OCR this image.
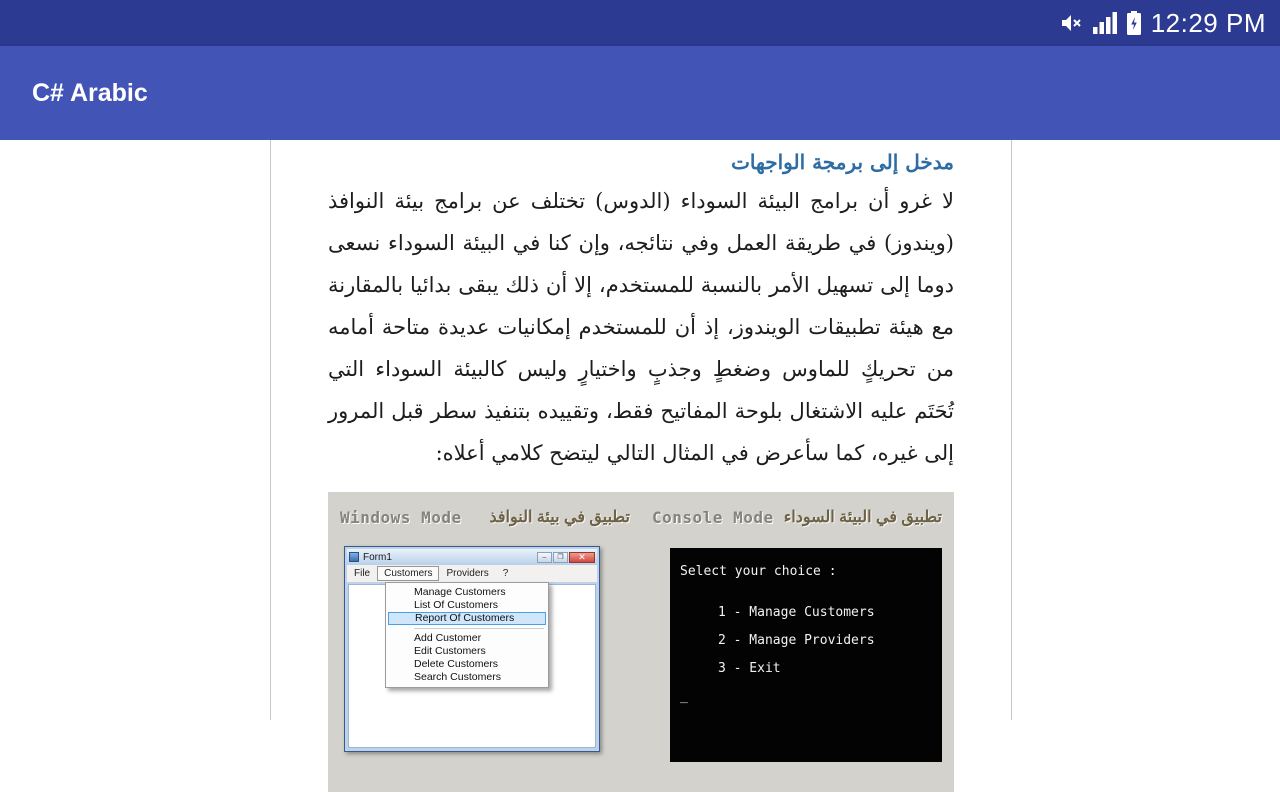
12:29 PM
C# Arabic
مدخل إلى برمجة الواجهات

لا غرو أن برامج البيئة السوداء (الدوس) تختلف عن برامج بيئة النوافذ (ويندوز) في طريقة العمل وفي نتائجه، وإن كنا في البيئة السوداء نسعى دوما إلى تسهيل الأمر بالنسبة للمستخدم، إلا أن ذلك يبقى بدائيا بالمقارنة مع هيئة تطبيقات الويندوز، إذ أن للمستخدم إمكانيات عديدة متاحة أمامه من تحريكٍ للماوس وضغطٍ وجذبٍ واختيارٍ وليس كالبيئة السوداء التي تُحَتَم عليه الاشتغال بلوحة المفاتيح فقط، وتقييده بتنفيذ سطر قبل المرور إلى غيره، كما سأعرض في المثال التالي ليتضح كلامي أعلاه:

Windows Mode تطبيق في بيئة النوافذ
Form1	–	❐	✕
File	Customers	Providers	?
Manage Customers
List Of Customers
Report Of Customers
Add Customer
Edit Customers
Delete Customers
Search Customers
Console Mode تطبيق في البيئة السوداء
Select your choice :
1 - Manage Customers
2 - Manage Providers
3 - Exit
_
